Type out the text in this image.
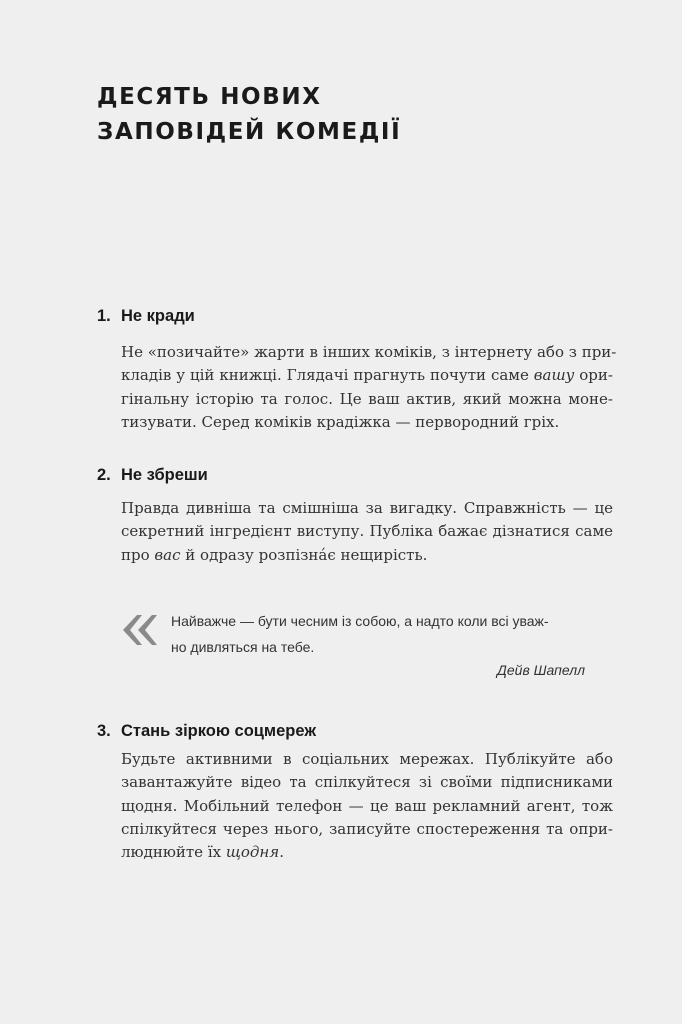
ДЕСЯТЬ НОВИХ
ЗАПОВІДЕЙ КОМЕДІЇ
1. Не кради

Не «позичайте» жарти в інших коміків, з інтернету або з при-
кладів у цій книжці. Глядачі прагнуть почути саме вашу ори-
гінальну історію та голос. Це ваш актив, який можна моне-
тизувати. Серед коміків крадіжка — первородний гріх.

2. Не збреши

Правда дивніша та смішніша за вигадку. Справжність — це
секретний інгредієнт виступу. Публіка бажає дізнатися саме
про вас й одразу розпізнáє нещирість.

Найважче — бути чесним із собою, а надто коли всі уваж-
но дивляться на тебе.

Дейв Шапелл

3. Стань зіркою соцмереж

Будьте активними в соціальних мережах. Публікуйте або
завантажуйте відео та спілкуйтеся зі своїми підписниками
щодня. Мобільний телефон — це ваш рекламний агент, тож
спілкуйтеся через нього, записуйте спостереження та опри-
люднюйте їх щодня.
